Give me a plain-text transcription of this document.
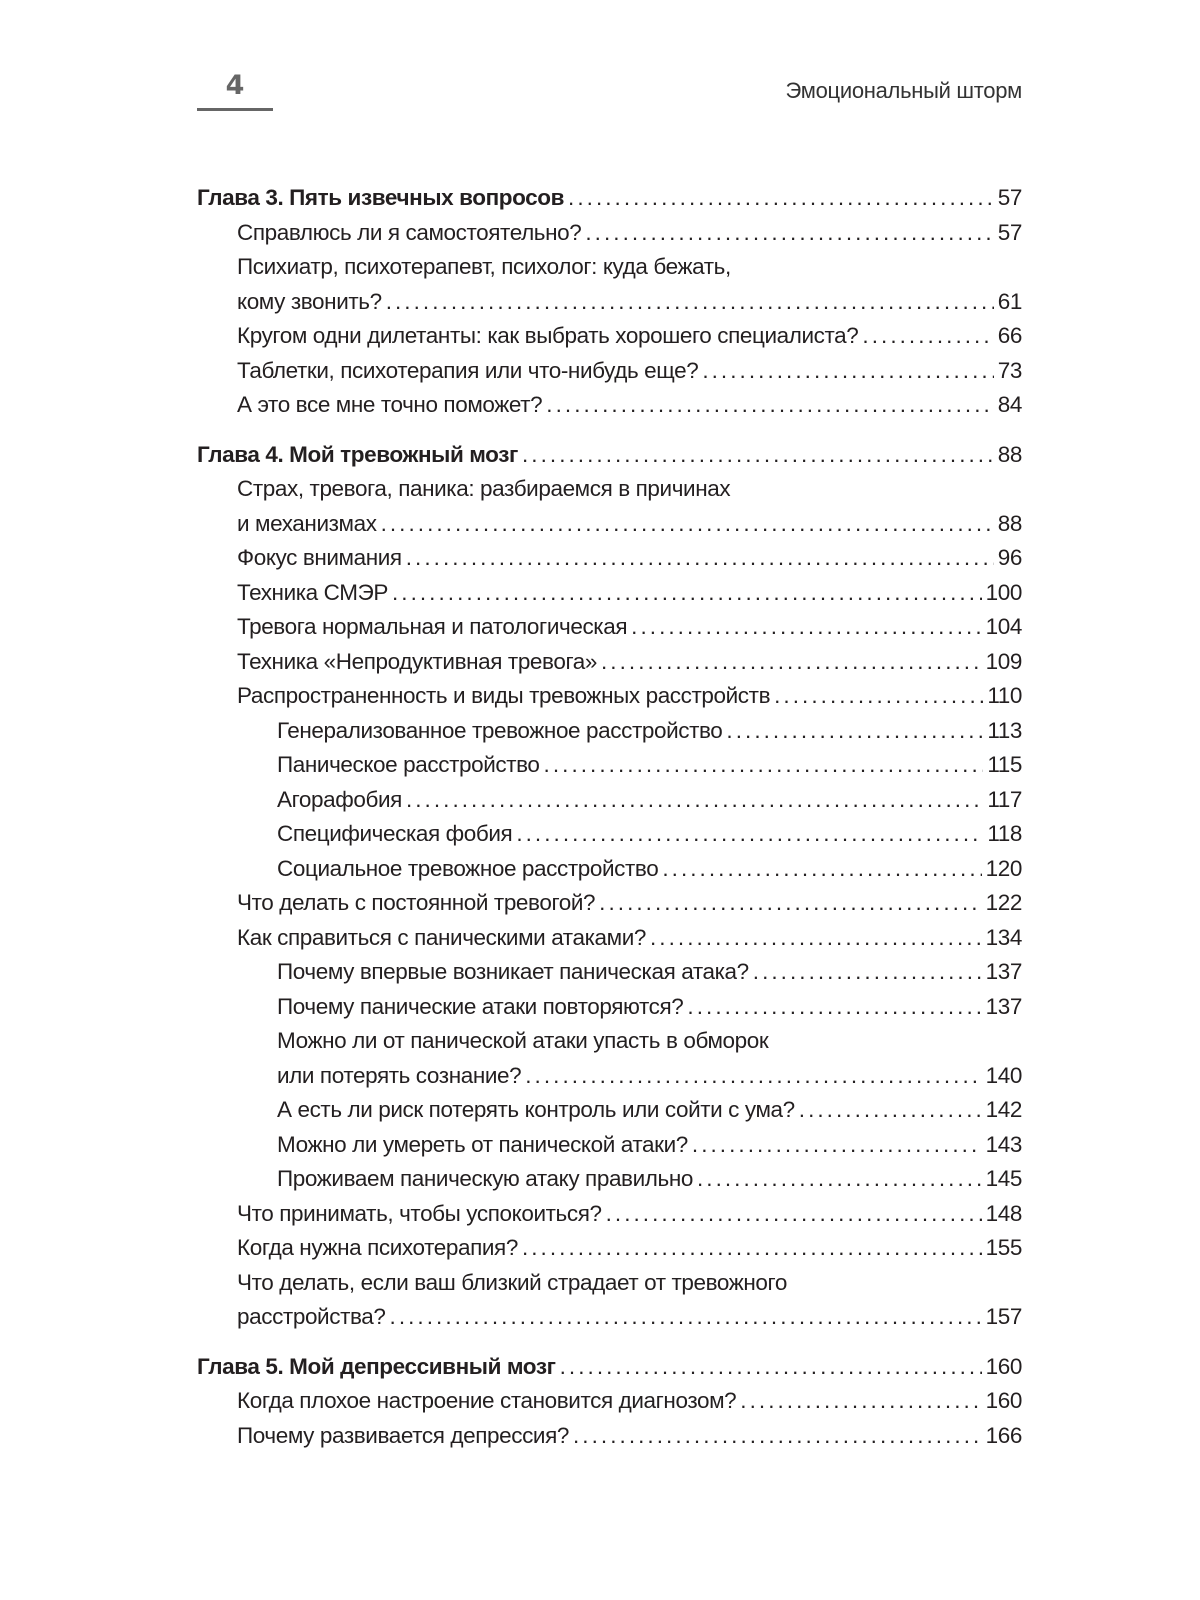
4	Эмоциональный шторм
Глава 3. Пять извечных вопросов . . .	57
Справлюсь ли я самостоятельно? . . .	57
Психиатр, психотерапевт, психолог: куда бежать,
кому звонить? . . .	61
Кругом одни дилетанты: как выбрать хорошего специалиста? . . .	66
Таблетки, психотерапия или что-нибудь еще? . . .	73
А это все мне точно поможет? . . .	84
Глава 4. Мой тревожный мозг . . .	88
Страх, тревога, паника: разбираемся в причинах
и механизмах . . .	88
Фокус внимания . . .	96
Техника СМЭР . . .	100
Тревога нормальная и патологическая . . .	104
Техника «Непродуктивная тревога» . . .	109
Распространенность и виды тревожных расстройств . . .	110
Генерализованное тревожное расстройство . . .	113
Паническое расстройство . . .	115
Агорафобия . . .	117
Специфическая фобия . . .	118
Социальное тревожное расстройство . . .	120
Что делать с постоянной тревогой? . . .	122
Как справиться с паническими атаками? . . .	134
Почему впервые возникает паническая атака? . . .	137
Почему панические атаки повторяются? . . .	137
Можно ли от панической атаки упасть в обморок
или потерять сознание? . . .	140
А есть ли риск потерять контроль или сойти с ума? . . .	142
Можно ли умереть от панической атаки? . . .	143
Проживаем паническую атаку правильно . . .	145
Что принимать, чтобы успокоиться? . . .	148
Когда нужна психотерапия? . . .	155
Что делать, если ваш близкий страдает от тревожного
расстройства? . . .	157
Глава 5. Мой депрессивный мозг . . .	160
Когда плохое настроение становится диагнозом? . . .	160
Почему развивается депрессия? . . .	166
